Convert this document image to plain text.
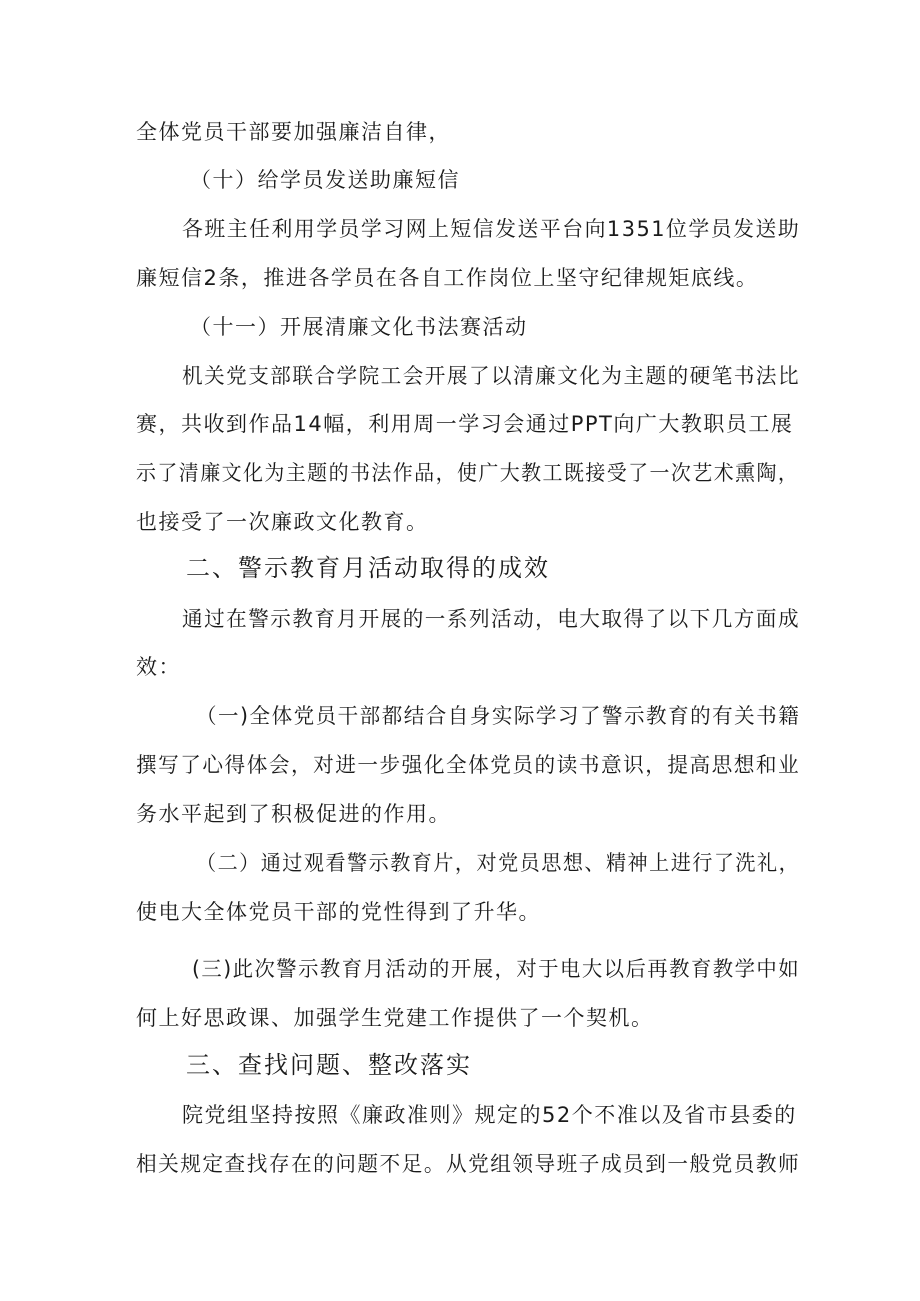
全体党员干部要加强廉洁自律，
（十）给学员发送助廉短信
各班主任利用学员学习网上短信发送平台向1351位学员发送助
廉短信2条，推进各学员在各自工作岗位上坚守纪律规矩底线。
（十一）开展清廉文化书法赛活动
机关党支部联合学院工会开展了以清廉文化为主题的硬笔书法比
赛，共收到作品14幅，利用周一学习会通过PPT向广大教职员工展
示了清廉文化为主题的书法作品，使广大教工既接受了一次艺术熏陶，
也接受了一次廉政文化教育。
二、警示教育月活动取得的成效
通过在警示教育月开展的一系列活动，电大取得了以下几方面成
效：
（一)全体党员干部都结合自身实际学习了警示教育的有关书籍
撰写了心得体会，对进一步强化全体党员的读书意识，提高思想和业
务水平起到了积极促进的作用。
（二）通过观看警示教育片，对党员思想、精神上进行了洗礼，
使电大全体党员干部的党性得到了升华。
(三)此次警示教育月活动的开展，对于电大以后再教育教学中如
何上好思政课、加强学生党建工作提供了一个契机。
三、查找问题、整改落实
院党组坚持按照《廉政准则》规定的52个不准以及省市县委的
相关规定查找存在的问题不足。从党组领导班子成员到一般党员教师
